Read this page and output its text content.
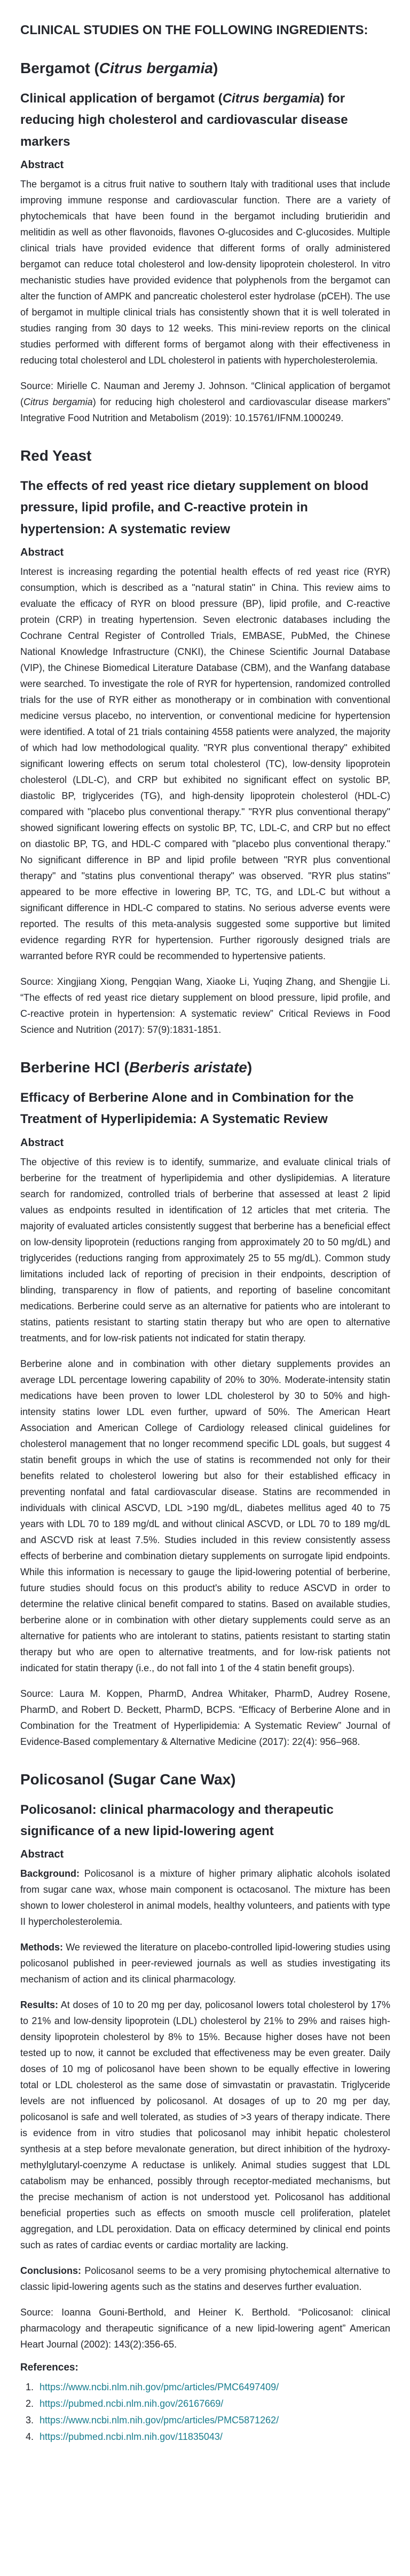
CLINICAL STUDIES ON THE FOLLOWING INGREDIENTS:
Bergamot (Citrus bergamia)
Clinical application of bergamot (Citrus bergamia) for reducing high cholesterol and cardiovascular disease markers
Abstract

The bergamot is a citrus fruit native to southern Italy with traditional uses that include improving immune response and cardiovascular function. There are a variety of phytochemicals that have been found in the bergamot including brutieridin and melitidin as well as other flavonoids, flavones O-glucosides and C-glucosides. Multiple clinical trials have provided evidence that different forms of orally administered bergamot can reduce total cholesterol and low-density lipoprotein cholesterol. In vitro mechanistic studies have provided evidence that polyphenols from the bergamot can alter the function of AMPK and pancreatic cholesterol ester hydrolase (pCEH). The use of bergamot in multiple clinical trials has consistently shown that it is well tolerated in studies ranging from 30 days to 12 weeks. This mini-review reports on the clinical studies performed with different forms of bergamot along with their effectiveness in reducing total cholesterol and LDL cholesterol in patients with hypercholesterolemia.

Source: Mirielle C. Nauman and Jeremy J. Johnson. “Clinical application of bergamot (Citrus bergamia) for reducing high cholesterol and cardiovascular disease markers” Integrative Food Nutrition and Metabolism (2019): 10.15761/IFNM.1000249.

Red Yeast
The effects of red yeast rice dietary supplement on blood pressure, lipid profile, and C-reactive protein in hypertension: A systematic review
Abstract

Interest is increasing regarding the potential health effects of red yeast rice (RYR) consumption, which is described as a "natural statin" in China. This review aims to evaluate the efficacy of RYR on blood pressure (BP), lipid profile, and C-reactive protein (CRP) in treating hypertension. Seven electronic databases including the Cochrane Central Register of Controlled Trials, EMBASE, PubMed, the Chinese National Knowledge Infrastructure (CNKI), the Chinese Scientific Journal Database (VIP), the Chinese Biomedical Literature Database (CBM), and the Wanfang database were searched. To investigate the role of RYR for hypertension, randomized controlled trials for the use of RYR either as monotherapy or in combination with conventional medicine versus placebo, no intervention, or conventional medicine for hypertension were identified. A total of 21 trials containing 4558 patients were analyzed, the majority of which had low methodological quality. "RYR plus conventional therapy" exhibited significant lowering effects on serum total cholesterol (TC), low-density lipoprotein cholesterol (LDL-C), and CRP but exhibited no significant effect on systolic BP, diastolic BP, triglycerides (TG), and high-density lipoprotein cholesterol (HDL-C) compared with "placebo plus conventional therapy." "RYR plus conventional therapy" showed significant lowering effects on systolic BP, TC, LDL-C, and CRP but no effect on diastolic BP, TG, and HDL-C compared with "placebo plus conventional therapy." No significant difference in BP and lipid profile between "RYR plus conventional therapy" and "statins plus conventional therapy" was observed. "RYR plus statins" appeared to be more effective in lowering BP, TC, TG, and LDL-C but without a significant difference in HDL-C compared to statins. No serious adverse events were reported. The results of this meta-analysis suggested some supportive but limited evidence regarding RYR for hypertension. Further rigorously designed trials are warranted before RYR could be recommended to hypertensive patients.

Source: Xingjiang Xiong, Pengqian Wang, Xiaoke Li, Yuqing Zhang, and Shengjie Li. “The effects of red yeast rice dietary supplement on blood pressure, lipid profile, and C-reactive protein in hypertension: A systematic review” Critical Reviews in Food Science and Nutrition (2017): 57(9):1831-1851.

Berberine HCl (Berberis aristate)
Efficacy of Berberine Alone and in Combination for the Treatment of Hyperlipidemia: A Systematic Review
Abstract

The objective of this review is to identify, summarize, and evaluate clinical trials of berberine for the treatment of hyperlipidemia and other dyslipidemias. A literature search for randomized, controlled trials of berberine that assessed at least 2 lipid values as endpoints resulted in identification of 12 articles that met criteria. The majority of evaluated articles consistently suggest that berberine has a beneficial effect on low-density lipoprotein (reductions ranging from approximately 20 to 50 mg/dL) and triglycerides (reductions ranging from approximately 25 to 55 mg/dL). Common study limitations included lack of reporting of precision in their endpoints, description of blinding, transparency in flow of patients, and reporting of baseline concomitant medications. Berberine could serve as an alternative for patients who are intolerant to statins, patients resistant to starting statin therapy but who are open to alternative treatments, and for low-risk patients not indicated for statin therapy.

Berberine alone and in combination with other dietary supplements provides an average LDL percentage lowering capability of 20% to 30%. Moderate-intensity statin medications have been proven to lower LDL cholesterol by 30 to 50% and high-intensity statins lower LDL even further, upward of 50%. The American Heart Association and American College of Cardiology released clinical guidelines for cholesterol management that no longer recommend specific LDL goals, but suggest 4 statin benefit groups in which the use of statins is recommended not only for their benefits related to cholesterol lowering but also for their established efficacy in preventing nonfatal and fatal cardiovascular disease. Statins are recommended in individuals with clinical ASCVD, LDL >190 mg/dL, diabetes mellitus aged 40 to 75 years with LDL 70 to 189 mg/dL and without clinical ASCVD, or LDL 70 to 189 mg/dL and ASCVD risk at least 7.5%. Studies included in this review consistently assess effects of berberine and combination dietary supplements on surrogate lipid endpoints. While this information is necessary to gauge the lipid-lowering potential of berberine, future studies should focus on this product's ability to reduce ASCVD in order to determine the relative clinical benefit compared to statins. Based on available studies, berberine alone or in combination with other dietary supplements could serve as an alternative for patients who are intolerant to statins, patients resistant to starting statin therapy but who are open to alternative treatments, and for low-risk patients not indicated for statin therapy (i.e., do not fall into 1 of the 4 statin benefit groups).

Source: Laura M. Koppen, PharmD, Andrea Whitaker, PharmD, Audrey Rosene, PharmD, and Robert D. Beckett, PharmD, BCPS. “Efficacy of Berberine Alone and in Combination for the Treatment of Hyperlipidemia: A Systematic Review” Journal of Evidence-Based complementary & Alternative Medicine (2017): 22(4): 956–968.

Policosanol (Sugar Cane Wax)
Policosanol: clinical pharmacology and therapeutic significance of a new lipid-lowering agent
Abstract

Background: Policosanol is a mixture of higher primary aliphatic alcohols isolated from sugar cane wax, whose main component is octacosanol. The mixture has been shown to lower cholesterol in animal models, healthy volunteers, and patients with type II hypercholesterolemia.

Methods: We reviewed the literature on placebo-controlled lipid-lowering studies using policosanol published in peer-reviewed journals as well as studies investigating its mechanism of action and its clinical pharmacology.

Results: At doses of 10 to 20 mg per day, policosanol lowers total cholesterol by 17% to 21% and low-density lipoprotein (LDL) cholesterol by 21% to 29% and raises high-density lipoprotein cholesterol by 8% to 15%. Because higher doses have not been tested up to now, it cannot be excluded that effectiveness may be even greater. Daily doses of 10 mg of policosanol have been shown to be equally effective in lowering total or LDL cholesterol as the same dose of simvastatin or pravastatin. Triglyceride levels are not influenced by policosanol. At dosages of up to 20 mg per day, policosanol is safe and well tolerated, as studies of >3 years of therapy indicate. There is evidence from in vitro studies that policosanol may inhibit hepatic cholesterol synthesis at a step before mevalonate generation, but direct inhibition of the hydroxy-methylglutaryl-coenzyme A reductase is unlikely. Animal studies suggest that LDL catabolism may be enhanced, possibly through receptor-mediated mechanisms, but the precise mechanism of action is not understood yet. Policosanol has additional beneficial properties such as effects on smooth muscle cell proliferation, platelet aggregation, and LDL peroxidation. Data on efficacy determined by clinical end points such as rates of cardiac events or cardiac mortality are lacking.

Conclusions: Policosanol seems to be a very promising phytochemical alternative to classic lipid-lowering agents such as the statins and deserves further evaluation.

Source: Ioanna Gouni-Berthold, and Heiner K. Berthold. “Policosanol: clinical pharmacology and therapeutic significance of a new lipid-lowering agent” American Heart Journal (2002): 143(2):356-65.

References:
1. https://www.ncbi.nlm.nih.gov/pmc/articles/PMC6497409/
2. https://pubmed.ncbi.nlm.nih.gov/26167669/
3. https://www.ncbi.nlm.nih.gov/pmc/articles/PMC5871262/
4. https://pubmed.ncbi.nlm.nih.gov/11835043/
